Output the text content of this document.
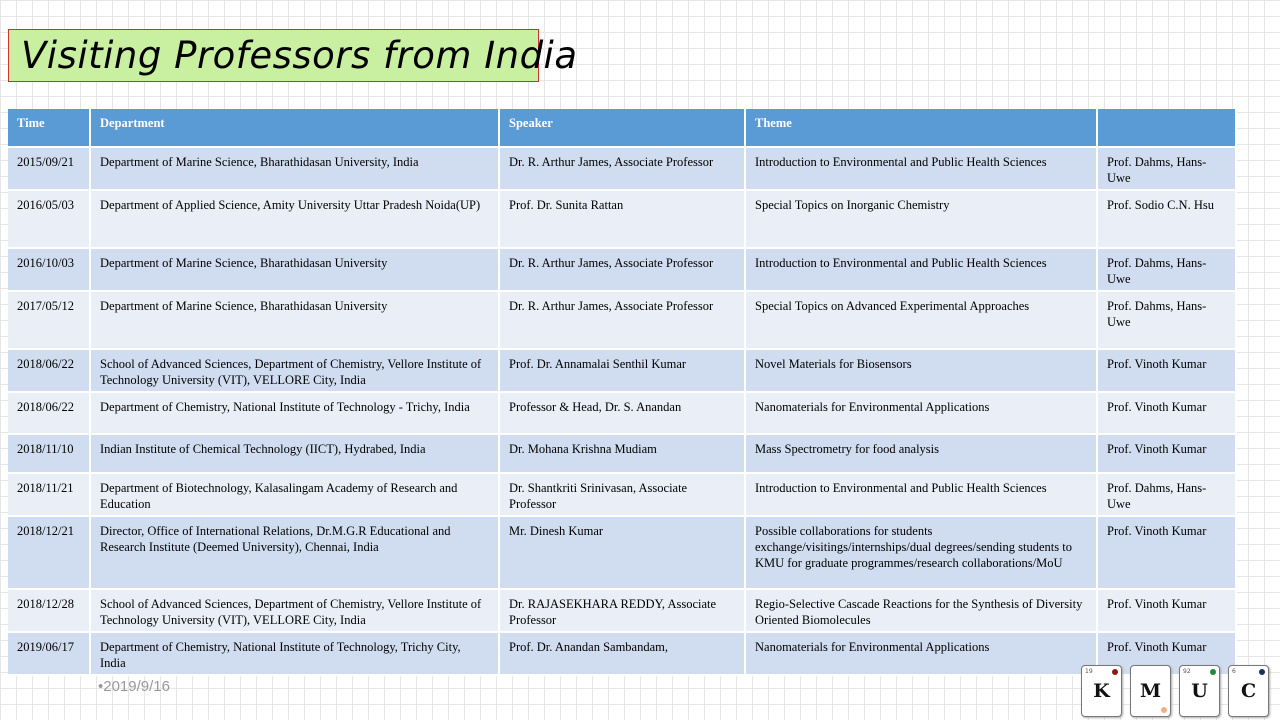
Visiting Professors from India
Time	Department	Speaker	Theme	
2015/09/21	Department of Marine Science, Bharathidasan University, India	Dr. R. Arthur James, Associate Professor	Introduction to Environmental and Public Health Sciences	Prof. Dahms, Hans-Uwe
2016/05/03	Department of Applied Science, Amity University Uttar Pradesh Noida(UP)	Prof. Dr. Sunita Rattan	Special Topics on Inorganic Chemistry	Prof. Sodio C.N. Hsu
2016/10/03	Department of Marine Science, Bharathidasan University	Dr. R. Arthur James, Associate Professor	Introduction to Environmental and Public Health Sciences	Prof. Dahms, Hans-Uwe
2017/05/12	Department of Marine Science, Bharathidasan University	Dr. R. Arthur James, Associate Professor	Special Topics on Advanced Experimental Approaches	Prof. Dahms, Hans-Uwe
2018/06/22	School of Advanced Sciences, Department of Chemistry, Vellore Institute of Technology University (VIT), VELLORE City, India	Prof. Dr. Annamalai Senthil Kumar	Novel Materials for Biosensors	Prof. Vinoth Kumar
2018/06/22	Department of Chemistry, National Institute of Technology - Trichy, India	Professor & Head, Dr. S. Anandan	Nanomaterials for Environmental Applications	Prof. Vinoth Kumar
2018/11/10	Indian Institute of Chemical Technology (IICT), Hydrabed, India	Dr. Mohana Krishna Mudiam	Mass Spectrometry for food analysis	Prof. Vinoth Kumar
2018/11/21	Department of Biotechnology, Kalasalingam Academy of Research and Education	Dr. Shantkriti Srinivasan, Associate Professor	Introduction to Environmental and Public Health Sciences	Prof. Dahms, Hans-Uwe
2018/12/21	Director, Office of International Relations, Dr.M.G.R Educational and Research Institute (Deemed University), Chennai, India	Mr. Dinesh Kumar	Possible collaborations for students exchange/visitings/internships/dual degrees/sending students to KMU for graduate programmes/research collaborations/MoU	Prof. Vinoth Kumar
2018/12/28	School of Advanced Sciences, Department of Chemistry, Vellore Institute of Technology University (VIT), VELLORE City, India	Dr. RAJASEKHARA REDDY, Associate Professor	Regio-Selective Cascade Reactions for the Synthesis of Diversity Oriented Biomolecules	Prof. Vinoth Kumar
2019/06/17	Department of Chemistry, National Institute of Technology, Trichy City, India	Prof. Dr. Anandan Sambandam,	Nanomaterials for Environmental Applications	Prof. Vinoth Kumar
•2019/9/16
19
K	M
92
U
6
C
